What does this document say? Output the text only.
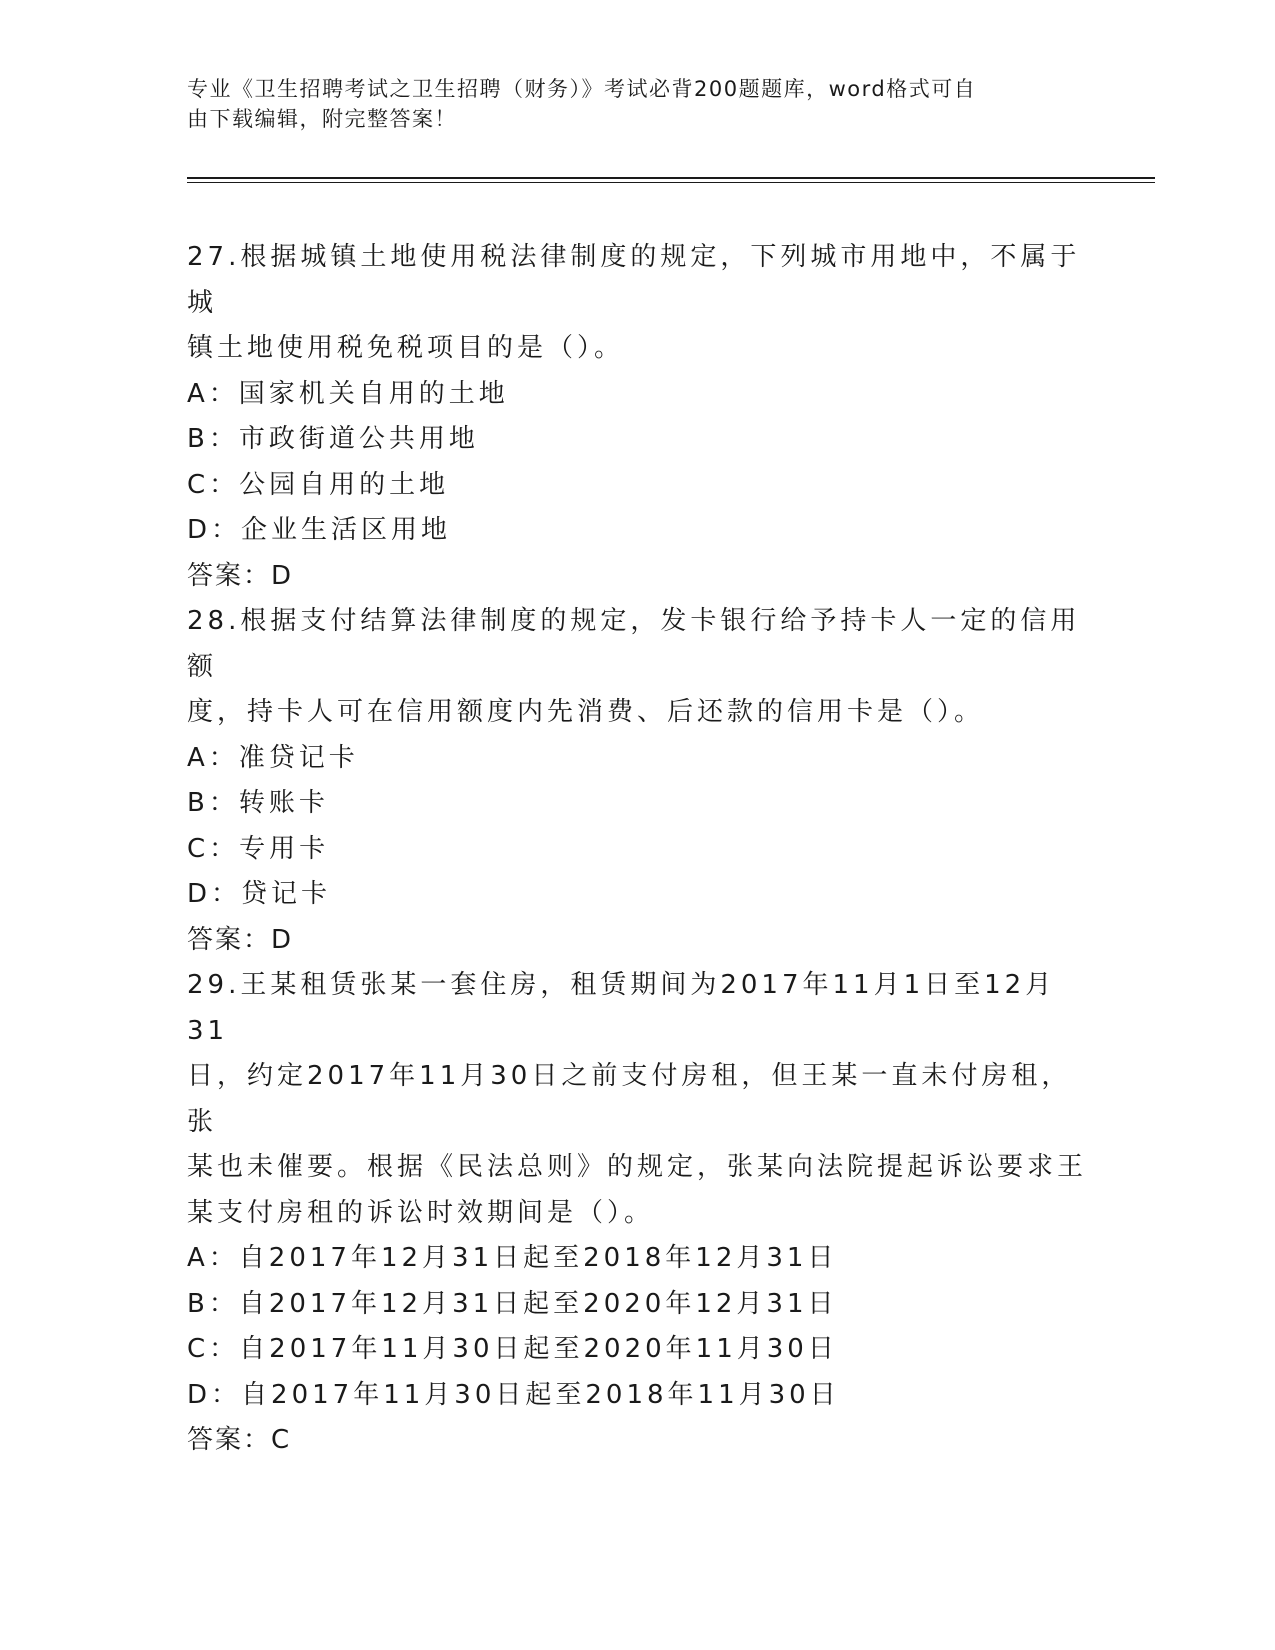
专业《卫生招聘考试之卫生招聘（财务）》考试必背200题题库，word格式可自
由下载编辑，附完整答案！

27.根据城镇土地使用税法律制度的规定，下列城市用地中，不属于城

镇土地使用税免税项目的是（）。

A：国家机关自用的土地

B：市政街道公共用地

C：公园自用的土地

D：企业生活区用地

答案：D

28.根据支付结算法律制度的规定，发卡银行给予持卡人一定的信用额

度，持卡人可在信用额度内先消费、后还款的信用卡是（）。

A：准贷记卡

B：转账卡

C：专用卡

D：贷记卡

答案：D

29.王某租赁张某一套住房，租赁期间为2017年11月1日至12月31

日，约定2017年11月30日之前支付房租，但王某一直未付房租，张

某也未催要。根据《民法总则》的规定，张某向法院提起诉讼要求王

某支付房租的诉讼时效期间是（）。

A：自2017年12月31日起至2018年12月31日

B：自2017年12月31日起至2020年12月31日

C：自2017年11月30日起至2020年11月30日

D：自2017年11月30日起至2018年11月30日

答案：C
